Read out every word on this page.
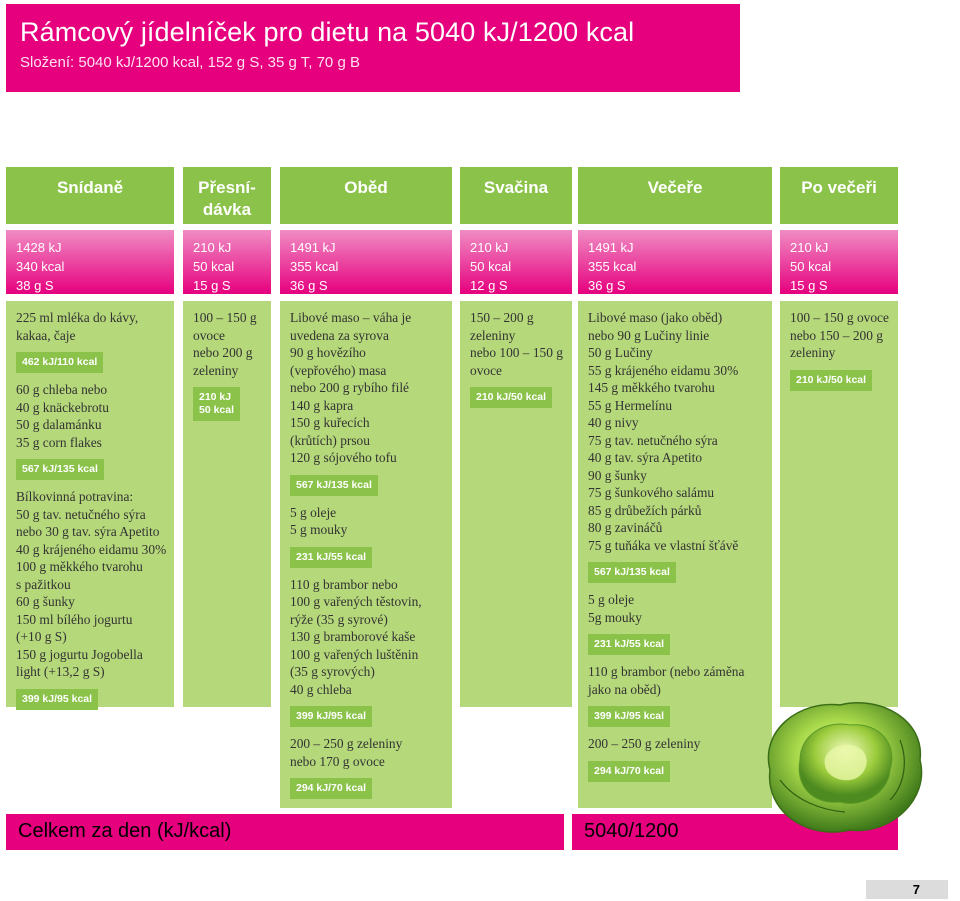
Rámcový jídelníček pro dietu na 5040 kJ/1200 kcal
Složení: 5040 kJ/1200 kcal, 152 g S, 35 g T, 70 g B
Snídaně
1428 kJ
340 kcal
38 g S
225 ml mléka do kávy,
kakaa, čaje
462 kJ/110 kcal
60 g chleba nebo
40 g knäckebrotu
50 g dalamánku
35 g corn flakes
567 kJ/135 kcal
Bílkovinná potravina:
50 g tav. netučného sýra
nebo 30 g tav. sýra Apetito
40 g krájeného eidamu 30%
100 g měkkého tvarohu
s pažitkou
60 g šunky
150 ml bílého jogurtu
(+10 g S)
150 g jogurtu Jogobella
light (+13,2 g S)
399 kJ/95 kcal
Přesní-
dávka
210 kJ
50 kcal
15 g S
100 – 150 g
ovoce
nebo 200 g
zeleniny
210 kJ
50 kcal
Oběd
1491 kJ
355 kcal
36 g S
Libové maso – váha je
uvedena za syrova
90 g hovězího
(vepřového) masa
nebo 200 g rybího filé
140 g kapra
150 g kuřecích
(krůtích) prsou
120 g sójového tofu
567 kJ/135 kcal
5 g oleje
5 g mouky
231 kJ/55 kcal
110 g brambor nebo
100 g vařených těstovin,
rýže (35 g syrové)
130 g bramborové kaše
100 g vařených luštěnin
(35 g syrových)
40 g chleba
399 kJ/95 kcal
200 – 250 g zeleniny
nebo 170 g ovoce
294 kJ/70 kcal
Svačina
210 kJ
50 kcal
12 g S
150 – 200 g
zeleniny
nebo 100 – 150 g
ovoce
210 kJ/50 kcal
Večeře
1491 kJ
355 kcal
36 g S
Libové maso (jako oběd)
nebo 90 g Lučiny linie
50 g Lučiny
55 g krájeného eidamu 30%
145 g měkkého tvarohu
55 g Hermelínu
40 g nivy
75 g tav. netučného sýra
40 g tav. sýra Apetito
90 g šunky
75 g šunkového salámu
85 g drůbežích párků
80 g zavináčů
75 g tuňáka ve vlastní šťávě
567 kJ/135 kcal
5 g oleje
5g mouky
231 kJ/55 kcal
110 g brambor (nebo záměna
jako na oběd)
399 kJ/95 kcal
200 – 250 g zeleniny
294 kJ/70 kcal
Po večeři
210 kJ
50 kcal
15 g S
100 – 150 g ovoce
nebo 150 – 200 g
zeleniny
210 kJ/50 kcal
Celkem za den (kJ/kcal)	5040/1200
7
